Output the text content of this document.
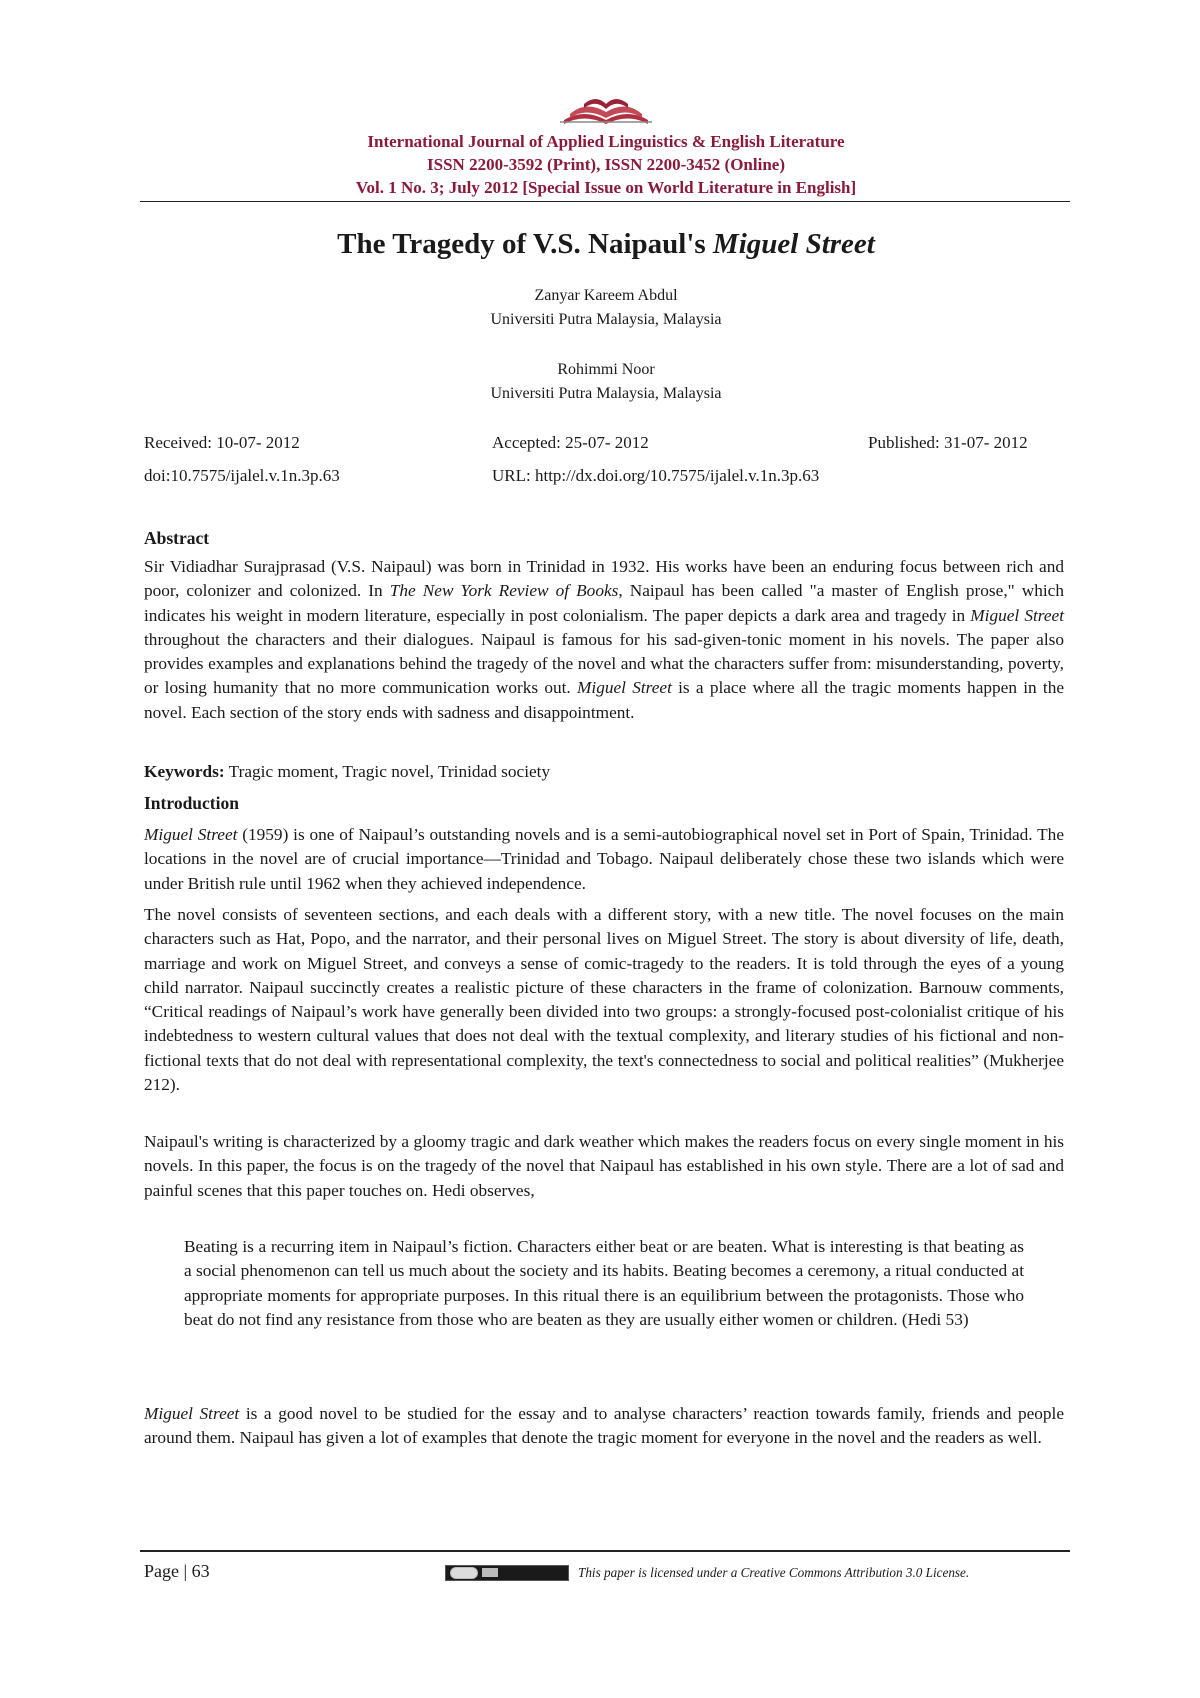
International Journal of Applied Linguistics & English Literature
ISSN 2200-3592 (Print), ISSN 2200-3452 (Online)
Vol. 1 No. 3; July 2012 [Special Issue on World Literature in English]
The Tragedy of V.S. Naipaul's Miguel Street
Zanyar Kareem Abdul
Universiti Putra Malaysia, Malaysia
Rohimmi Noor
Universiti Putra Malaysia, Malaysia
Received: 10-07- 2012	Accepted: 25-07- 2012	Published: 31-07- 2012
doi:10.7575/ijalel.v.1n.3p.63	URL: http://dx.doi.org/10.7575/ijalel.v.1n.3p.63
Abstract

Sir Vidiadhar Surajprasad (V.S. Naipaul) was born in Trinidad in 1932. His works have been an enduring focus between rich and poor, colonizer and colonized. In The New York Review of Books, Naipaul has been called "a master of English prose," which indicates his weight in modern literature, especially in post colonialism. The paper depicts a dark area and tragedy in Miguel Street throughout the characters and their dialogues. Naipaul is famous for his sad-given-tonic moment in his novels. The paper also provides examples and explanations behind the tragedy of the novel and what the characters suffer from: misunderstanding, poverty, or losing humanity that no more communication works out. Miguel Street is a place where all the tragic moments happen in the novel. Each section of the story ends with sadness and disappointment.

Keywords: Tragic moment, Tragic novel, Trinidad society

Introduction

Miguel Street (1959) is one of Naipaul’s outstanding novels and is a semi-autobiographical novel set in Port of Spain, Trinidad. The locations in the novel are of crucial importance—Trinidad and Tobago. Naipaul deliberately chose these two islands which were under British rule until 1962 when they achieved independence.

The novel consists of seventeen sections, and each deals with a different story, with a new title. The novel focuses on the main characters such as Hat, Popo, and the narrator, and their personal lives on Miguel Street. The story is about diversity of life, death, marriage and work on Miguel Street, and conveys a sense of comic-tragedy to the readers. It is told through the eyes of a young child narrator. Naipaul succinctly creates a realistic picture of these characters in the frame of colonization. Barnouw comments, “Critical readings of Naipaul’s work have generally been divided into two groups: a strongly-focused post-colonialist critique of his indebtedness to western cultural values that does not deal with the textual complexity, and literary studies of his fictional and non-fictional texts that do not deal with representational complexity, the text's connectedness to social and political realities” (Mukherjee 212).

Naipaul's writing is characterized by a gloomy tragic and dark weather which makes the readers focus on every single moment in his novels. In this paper, the focus is on the tragedy of the novel that Naipaul has established in his own style. There are a lot of sad and painful scenes that this paper touches on. Hedi observes,

Beating is a recurring item in Naipaul’s fiction. Characters either beat or are beaten. What is interesting is that beating as a social phenomenon can tell us much about the society and its habits. Beating becomes a ceremony, a ritual conducted at appropriate moments for appropriate purposes. In this ritual there is an equilibrium between the protagonists. Those who beat do not find any resistance from those who are beaten as they are usually either women or children. (Hedi 53)

Miguel Street is a good novel to be studied for the essay and to analyse characters’ reaction towards family, friends and people around them. Naipaul has given a lot of examples that denote the tragic moment for everyone in the novel and the readers as well.

Page | 63	This paper is licensed under a Creative Commons Attribution 3.0 License.
